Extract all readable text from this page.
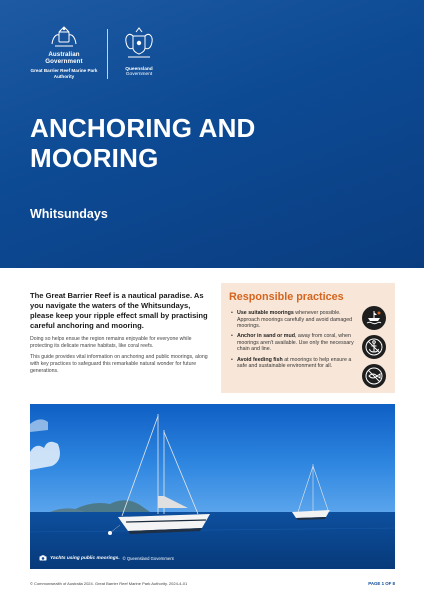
Australian Government
Great Barrier Reef Marine Park Authority
Queensland
Government
ANCHORING AND MOORING
Whitsundays

The Great Barrier Reef is a nautical paradise. As you navigate the waters of the Whitsundays, please keep your ripple effect small by practising careful anchoring and mooring.

Doing so helps ensue the region remains enjoyable for everyone while protecting its delicate marine habitats, like coral reefs.

This guide provides vital information on anchoring and public moorings, along with key practices to safeguard this remarkable natural wonder for future generations.

Responsible practices
• Use suitable moorings whenever possible. Approach moorings carefully and avoid damaged moorings.
• Anchor in sand or mud, away from coral, when moorings aren't available. Use only the necessary chain and line.
• Avoid feeding fish at moorings to help ensure a safe and sustainable environment for all.
Yachts using public moorings. © Queensland Government
© Commonwealth of Australia 2024. Great Barrier Reef Marine Park Authority. 2024-4-01	PAGE 1 OF 8
